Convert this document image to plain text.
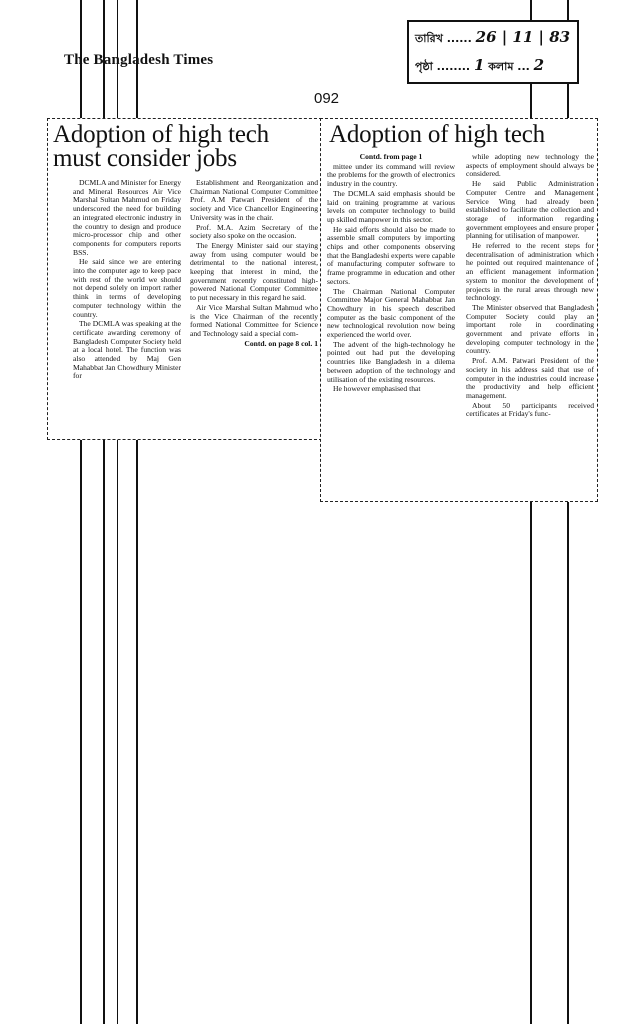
The Bangladesh Times
তারিখ ...... 26 | 11 | 83
পৃষ্ঠা ........ 1 কলাম ... 2
092
Adoption of high tech must consider jobs

DCMLA and Minister for Energy and Mineral Resources Air Vice Marshal Sultan Mahmud on Friday underscored the need for building an integrated electronic industry in the country to design and produce micro-processor chip and other components for computers reports BSS.

He said since we are entering into the computer age to keep pace with rest of the world we should not depend solely on import rather think in terms of developing computer technology within the country.

The DCMLA was speaking at the certificate awarding ceremony of Bangladesh Computer Society held at a local hotel. The function was also attended by Maj Gen Mahabbat Jan Chowdhury Minister for

Establishment and Reorganization and Chairman National Computer Committee Prof. A.M Patwari President of the society and Vice Chancellor Engineering University was in the chair.

Prof. M.A. Azim Secretary of the society also spoke on the occasion.

The Energy Minister said our staying away from using computer would be detrimental to the national interest, keeping that interest in mind, the government recently constituted high-powered National Computer Committee to put necessary in this regard he said.

Air Vice Marshal Sultan Mahmud who is the Vice Chairman of the recently formed National Committee for Science and Technology said a special com-

Contd. on page 8 col. 1

Adoption of high tech

Contd. from page 1

mittee under its command will review the problems for the growth of electronics industry in the country.

The DCMLA said emphasis should be laid on training programme at various levels on computer technology to build up skilled manpower in this sector.

He said efforts should also be made to assemble small computers by importing chips and other components observing that the Bangladeshi experts were capable of manufacturing computer software to frame programme in education and other sectors.

The Chairman National Computer Committee Major General Mahabbat Jan Chowdhury in his speech described computer as the basic component of the new technological revolution now being experienced the world over.

The advent of the high-technology he pointed out had put the developing countries like Bangladesh in a dilema between adoption of the technology and utilisation of the existing resources.

He however emphasised that

while adopting new technology the aspects of employment should always be considered.

He said Public Administration Computer Centre and Management Service Wing had already been established to facilitate the collection and storage of information regarding government employees and ensure proper planning for utilisation of manpower.

He referred to the recent steps for decentralisation of administration which he pointed out required maintenance of an efficient management information system to monitor the development of projects in the rural areas through new technology.

The Minister observed that Bangladesh Computer Society could play an important role in coordinating government and private efforts in developing computer technology in the country.

Prof. A.M. Patwari President of the society in his address said that use of computer in the industries could increase the productivity and help efficient management.

About 50 participants received certificates at Friday's func-
